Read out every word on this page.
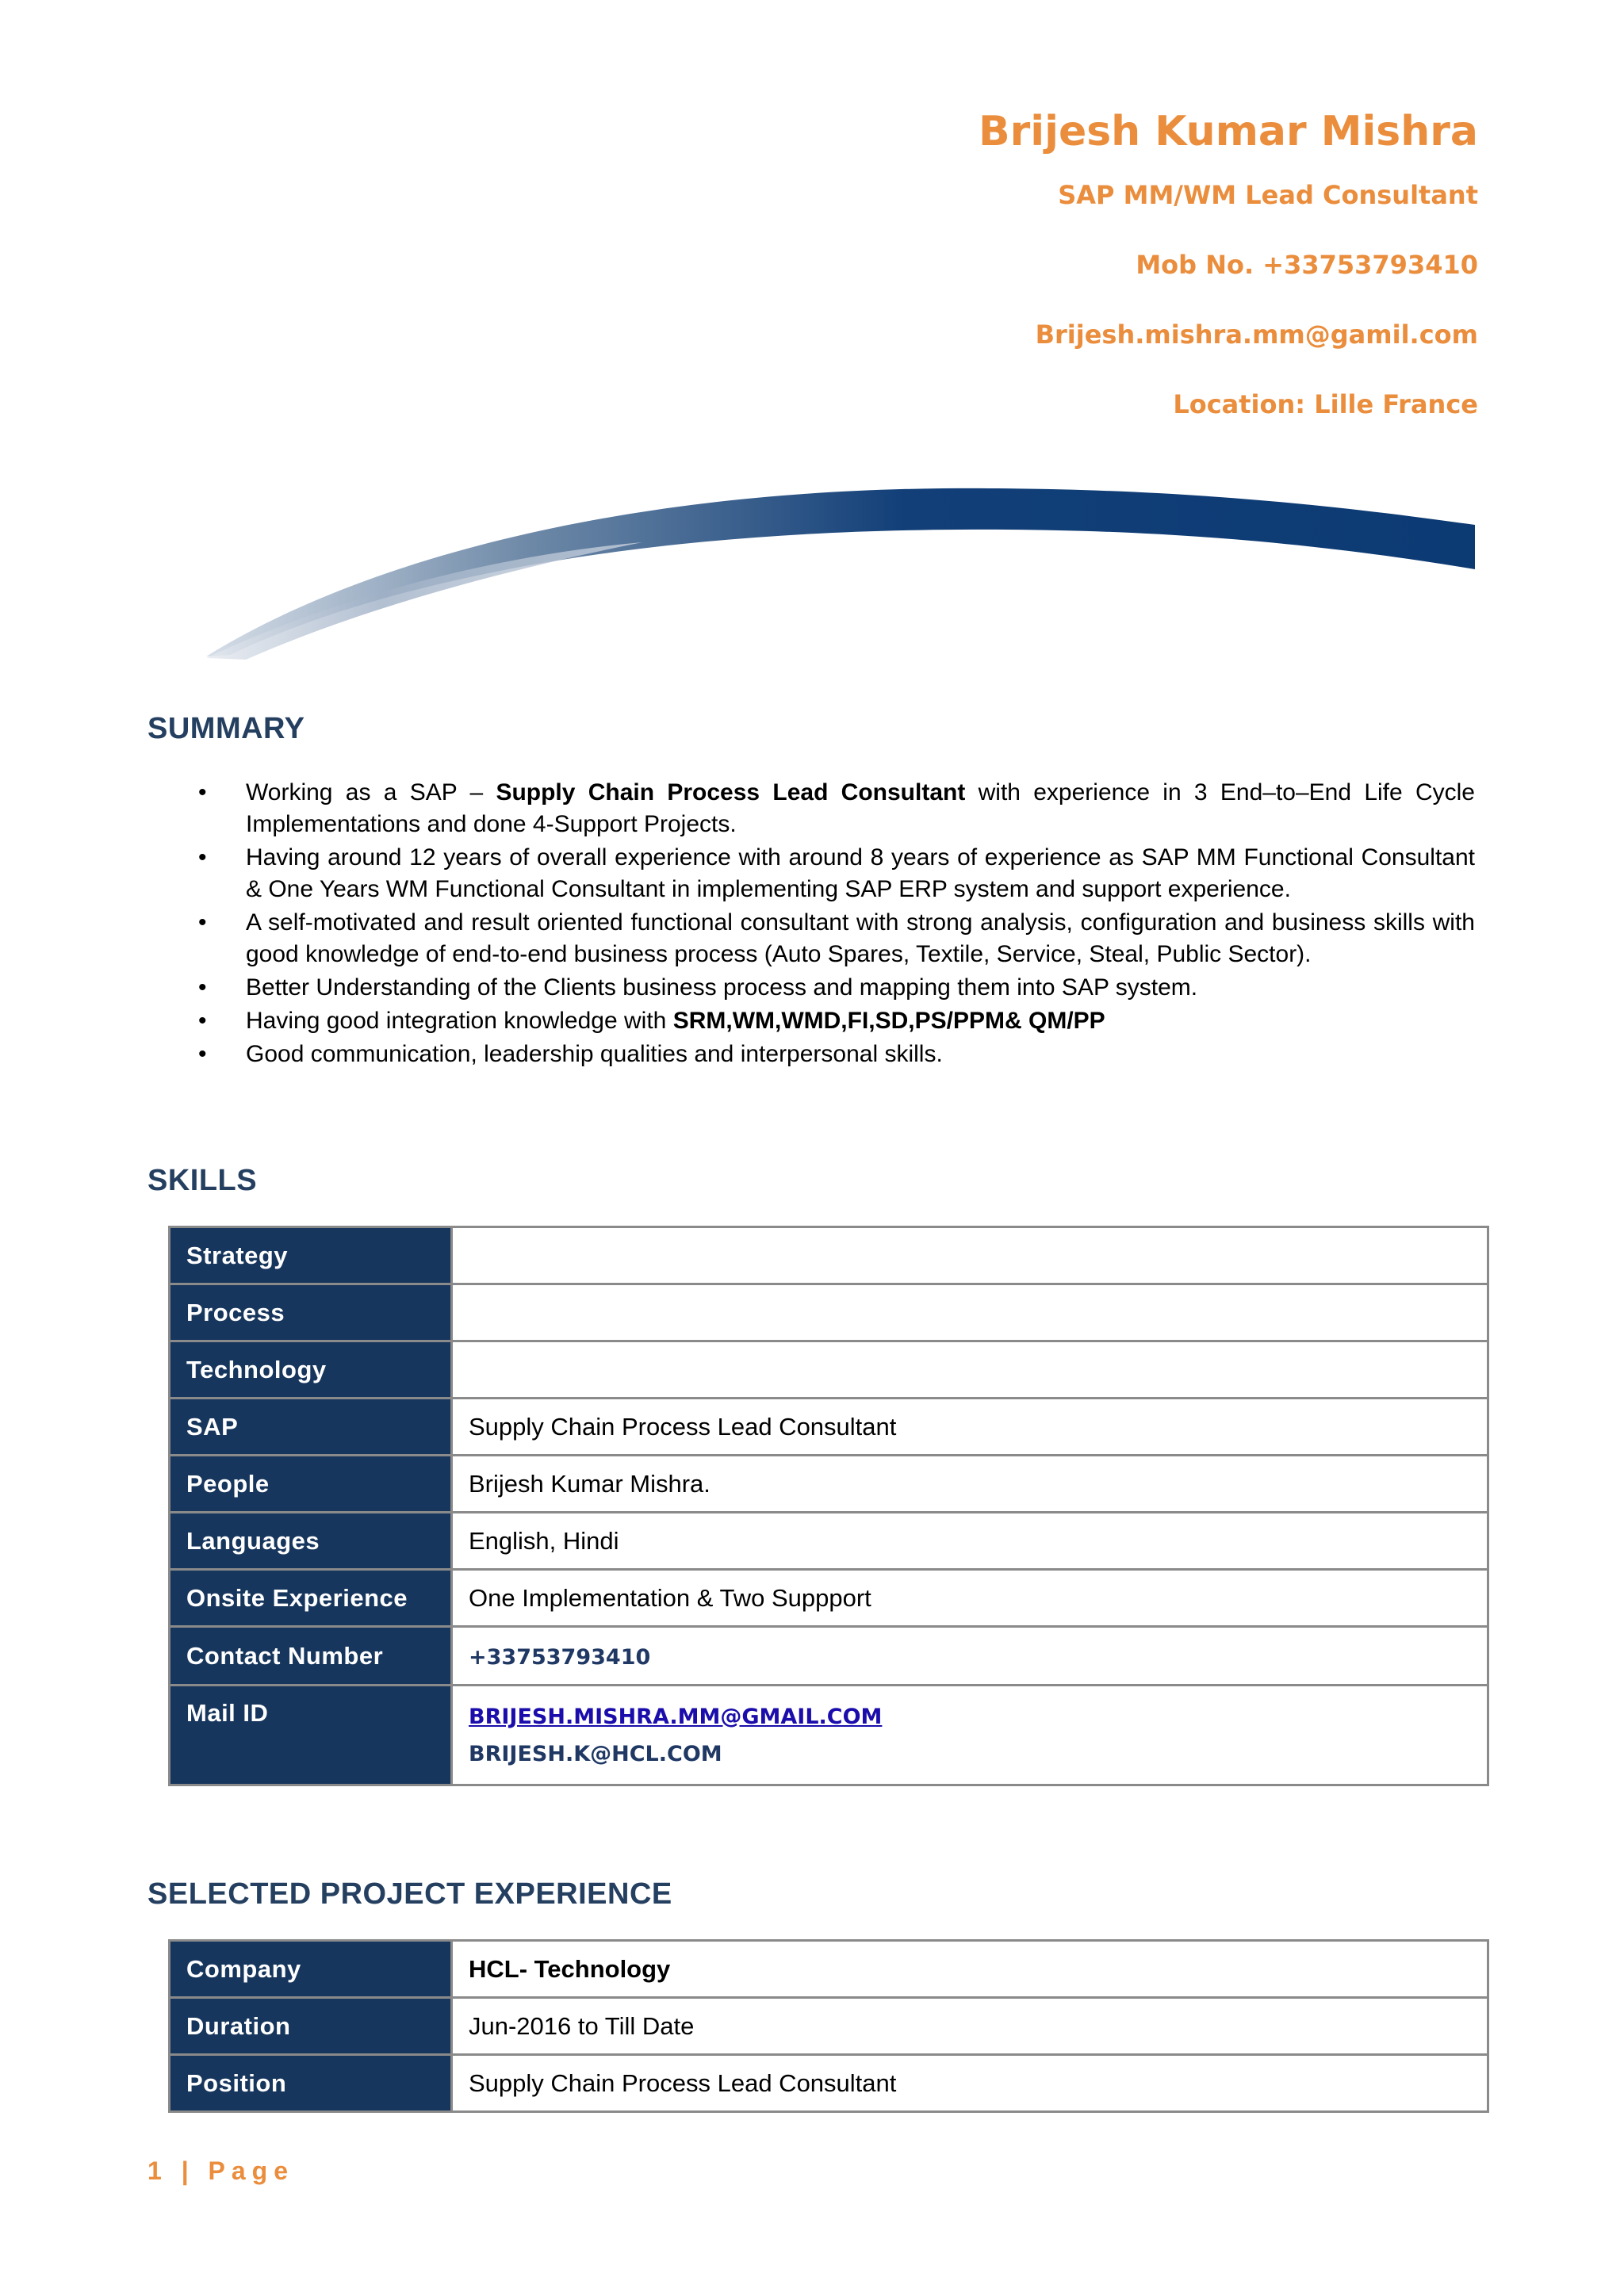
Brijesh Kumar Mishra
SAP MM/WM Lead Consultant
Mob No. +33753793410
Brijesh.mishra.mm@gamil.com
Location: Lille France
SUMMARY
• Working as a SAP – Supply Chain Process Lead Consultant with experience in 3 End–to–End Life Cycle Implementations and done 4-Support Projects.
• Having around 12 years of overall experience with around 8 years of experience as SAP MM Functional Consultant & One Years WM Functional Consultant in implementing SAP ERP system and support experience.
• A self-motivated and result oriented functional consultant with strong analysis, configuration and business skills with good knowledge of end-to-end business process (Auto Spares, Textile, Service, Steal, Public Sector).
• Better Understanding of the Clients business process and mapping them into SAP system.
• Having good integration knowledge with SRM,WM,WMD,FI,SD,PS/PPM& QM/PP
• Good communication, leadership qualities and interpersonal skills.
SKILLS
Strategy	
Process	
Technology	
SAP	Supply Chain Process Lead Consultant
People	Brijesh Kumar Mishra.
Languages	English, Hindi
Onsite Experience	One Implementation & Two Suppport
Contact Number	+33753793410
Mail ID	BRIJESH.MISHRA.MM@GMAIL.COM
BRIJESH.K@HCL.COM
SELECTED PROJECT EXPERIENCE
Company	HCL- Technology
Duration	Jun-2016 to Till Date
Position	Supply Chain Process Lead Consultant
1 | Page
